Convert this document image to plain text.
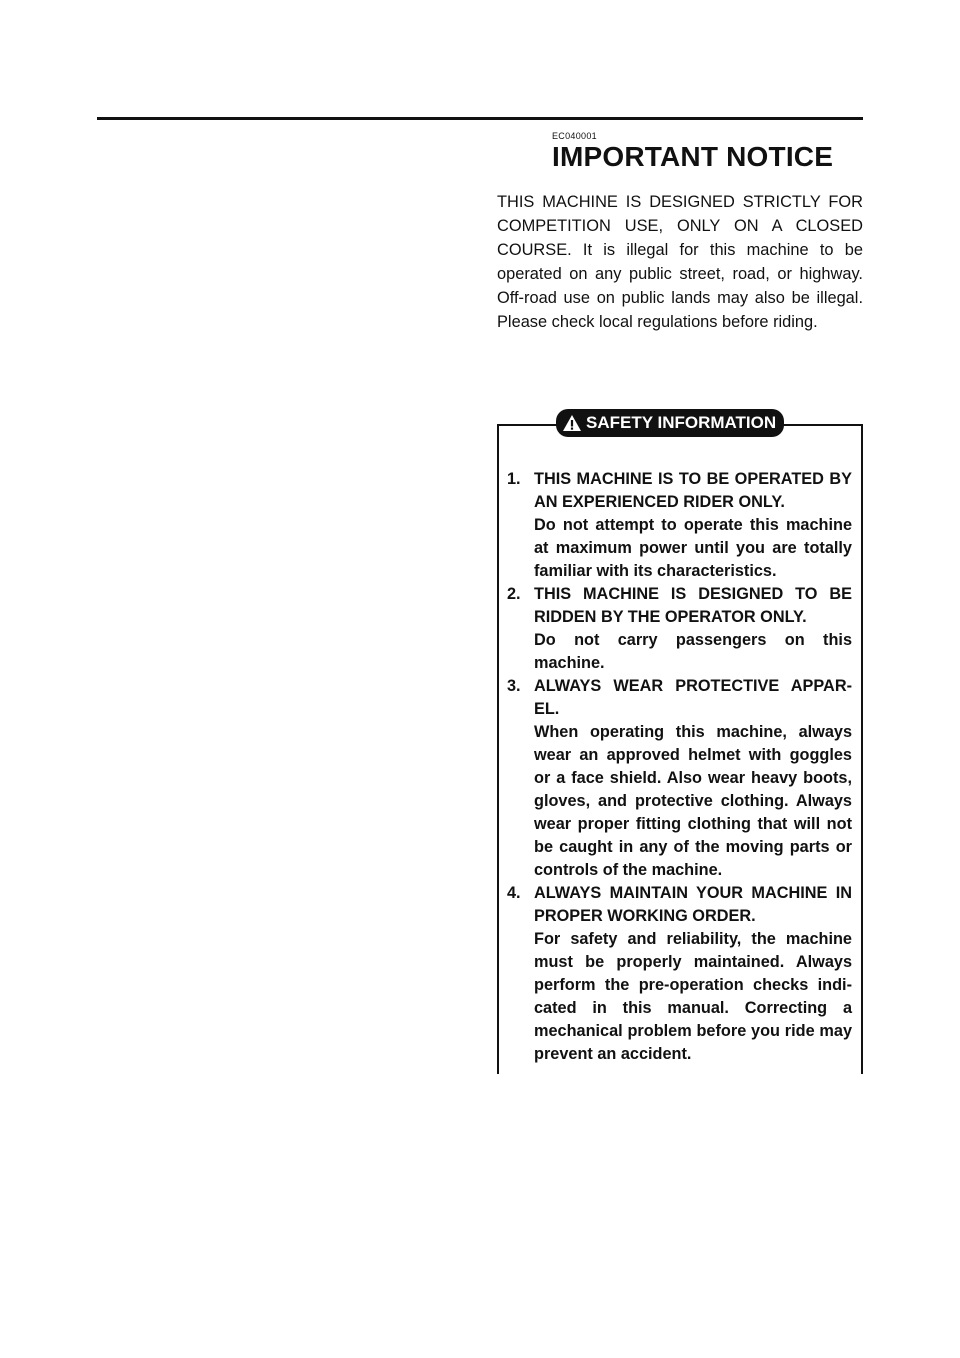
EC040001
IMPORTANT NOTICE

THIS MACHINE IS DESIGNED STRICTLY FOR COMPETITION USE, ONLY ON A CLOSED COURSE. It is illegal for this machine to be operated on any public street, road, or highway. Off-road use on public lands may also be illegal. Please check local regulations before riding.

SAFETY INFORMATION
1. THIS MACHINE IS TO BE OPERATED BY AN EXPERIENCED RIDER ONLY.

Do not attempt to operate this machine at maximum power until you are totally familiar with its characteristics.

2. THIS MACHINE IS DESIGNED TO BE RIDDEN BY THE OPERATOR ONLY.

Do not carry passengers on this machine.

3. ALWAYS WEAR PROTECTIVE APPAR-EL.

When operating this machine, always wear an approved helmet with goggles or a face shield. Also wear heavy boots, gloves, and protective clothing. Always wear proper fitting clothing that will not be caught in any of the moving parts or controls of the machine.

4. ALWAYS MAINTAIN YOUR MACHINE IN PROPER WORKING ORDER.

For safety and reliability, the machine must be properly maintained. Always perform the pre-operation checks indi-cated in this manual. Correcting a mechanical problem before you ride may prevent an accident.
